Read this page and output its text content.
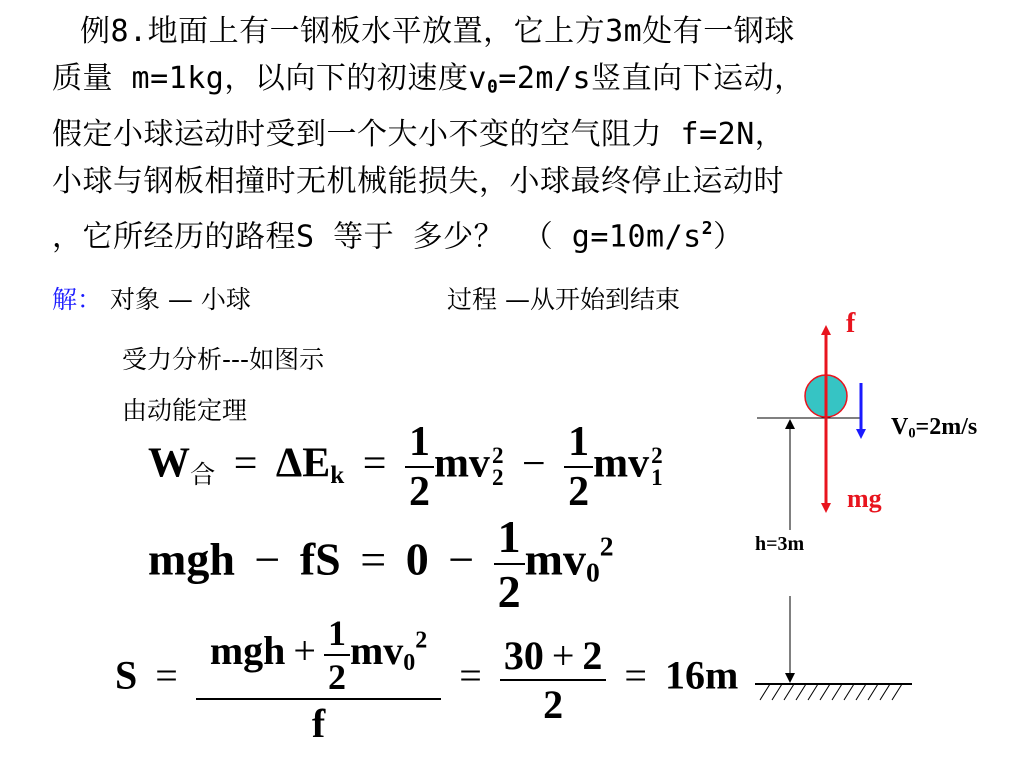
例8.地面上有一钢板水平放置，它上方3m处有一钢球

质量 m=1kg，以向下的初速度$v_0=2m/s$竖直向下运动，

假定小球运动时受到一个大小不变的空气阻力 f=2N，

小球与钢板相撞时无机械能损失，小球最终停止运动时

，它所经历的路程S 等于 多少？ （ $g=10m/s^2$）

解： 对象 — 小球	过程 —从开始到结束
受力分析---如图示
由动能定理
$W_合 = \Delta E_k = \frac{1}{2}$ mv 2
$2 - \frac{1}{2}$ mv 2
1
mgh − fS = $0 - \frac{1}{2} mv_0^2$
$S = \frac{mgh + \frac{1}{2} mv_0^2}{f} = \frac{30 + 2}{2} = 16m$
f
$V_0=2m/s$
mg
h=3m
